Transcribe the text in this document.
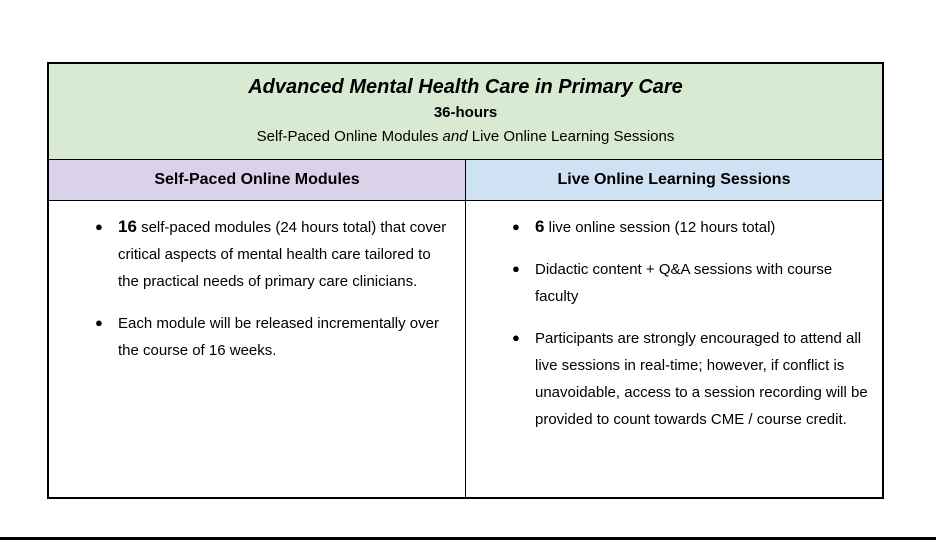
Advanced Mental Health Care in Primary Care
36-hours
Self-Paced Online Modules and Live Online Learning Sessions	

Self-Paced Online Modules	Live Online Learning Sessions

● 16 self-paced modules (24 hours total) that cover critical aspects of mental health care tailored to the practical needs of primary care clinicians.
● Each module will be released incrementally over the course of 16 weeks.

● 6 live online session (12 hours total)
● Didactic content + Q&A sessions with course faculty
● Participants are strongly encouraged to attend all live sessions in real-time; however, if conflict is unavoidable, access to a session recording will be provided to count towards CME / course credit.
